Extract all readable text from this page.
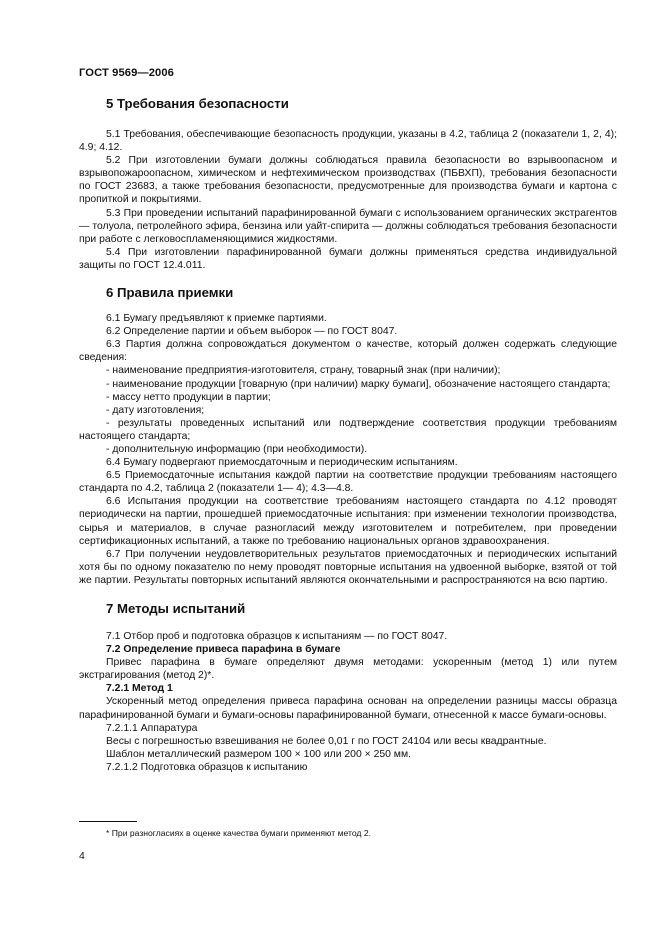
ГОСТ 9569—2006
5 Требования безопасности

5.1 Требования, обеспечивающие безопасность продукции, указаны в 4.2, таблица 2 (показатели 1, 2, 4); 4.9; 4.12.

5.2 При изготовлении бумаги должны соблюдаться правила безопасности во взрывоопасном и взрывопожароопасном, химическом и нефтехимическом производствах (ПБВХП), требования безопасности по ГОСТ 23683, а также требования безопасности, предусмотренные для производства бумаги и картона с пропиткой и покрытиями.

5.3 При проведении испытаний парафинированной бумаги с использованием органических экстрагентов — толуола, петролейного эфира, бензина или уайт-спирита — должны соблюдаться требования безопасности при работе с легковоспламеняющимися жидкостями.

5.4 При изготовлении парафинированной бумаги должны применяться средства индивидуальной защиты по ГОСТ 12.4.011.

6 Правила приемки

6.1 Бумагу предъявляют к приемке партиями.

6.2 Определение партии и объем выборок — по ГОСТ 8047.

6.3 Партия должна сопровождаться документом о качестве, который должен содержать следующие сведения:

- наименование предприятия-изготовителя, страну, товарный знак (при наличии);

- наименование продукции [товарную (при наличии) марку бумаги], обозначение настоящего стандарта;

- массу нетто продукции в партии;

- дату изготовления;

- результаты проведенных испытаний или подтверждение соответствия продукции требованиям настоящего стандарта;

- дополнительную информацию (при необходимости).

6.4 Бумагу подвергают приемосдаточным и периодическим испытаниям.

6.5 Приемосдаточные испытания каждой партии на соответствие продукции требованиям настоящего стандарта по 4.2, таблица 2 (показатели 1— 4); 4.3—4.8.

6.6 Испытания продукции на соответствие требованиям настоящего стандарта по 4.12 проводят периодически на партии, прошедшей приемосдаточные испытания: при изменении технологии производства, сырья и материалов, в случае разногласий между изготовителем и потребителем, при проведении сертификационных испытаний, а также по требованию национальных органов здравоохранения.

6.7 При получении неудовлетворительных результатов приемосдаточных и периодических испытаний хотя бы по одному показателю по нему проводят повторные испытания на удвоенной выборке, взятой от той же партии. Результаты повторных испытаний являются окончательными и распространяются на всю партию.

7 Методы испытаний

7.1 Отбор проб и подготовка образцов к испытаниям — по ГОСТ 8047.

7.2 Определение привеса парафина в бумаге

Привес парафина в бумаге определяют двумя методами: ускоренным (метод 1) или путем экстрагирования (метод 2)*.

7.2.1 Метод 1

Ускоренный метод определения привеса парафина основан на определении разницы массы образца парафинированной бумаги и бумаги-основы парафинированной бумаги, отнесенной к массе бумаги-основы.

7.2.1.1 Аппаратура

Весы с погрешностью взвешивания не более 0,01 г по ГОСТ 24104 или весы квадрантные.

Шаблон металлический размером 100 × 100 или 200 × 250 мм.

7.2.1.2 Подготовка образцов к испытанию

* При разногласиях в оценке качества бумаги применяют метод 2.
4
